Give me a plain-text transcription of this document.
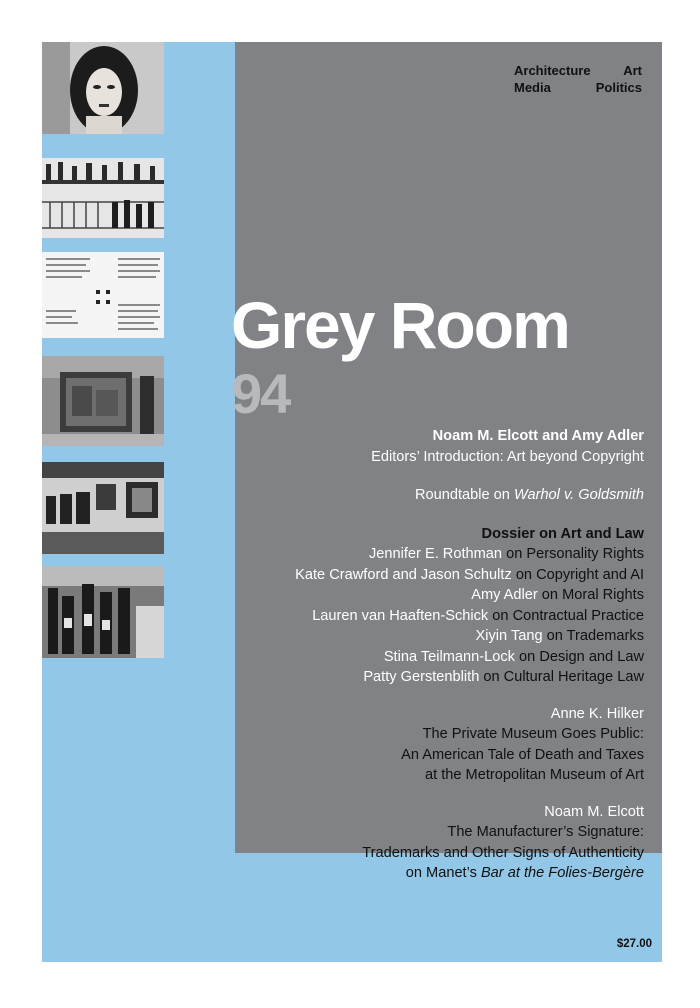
Architecture	Art
Media	Politics
Grey Room
94
Noam M. Elcott and Amy Adler
Editors’ Introduction: Art beyond Copyright
Roundtable on Warhol v. Goldsmith
Dossier on Art and Law
Jennifer E. Rothman on Personality Rights
Kate Crawford and Jason Schultz on Copyright and AI
Amy Adler on Moral Rights
Lauren van Haaften-Schick on Contractual Practice
Xiyin Tang on Trademarks
Stina Teilmann-Lock on Design and Law
Patty Gerstenblith on Cultural Heritage Law
Anne K. Hilker
The Private Museum Goes Public:
An American Tale of Death and Taxes
at the Metropolitan Museum of Art
Noam M. Elcott
The Manufacturer’s Signature:
Trademarks and Other Signs of Authenticity
on Manet’s Bar at the Folies-Bergère
$27.00
